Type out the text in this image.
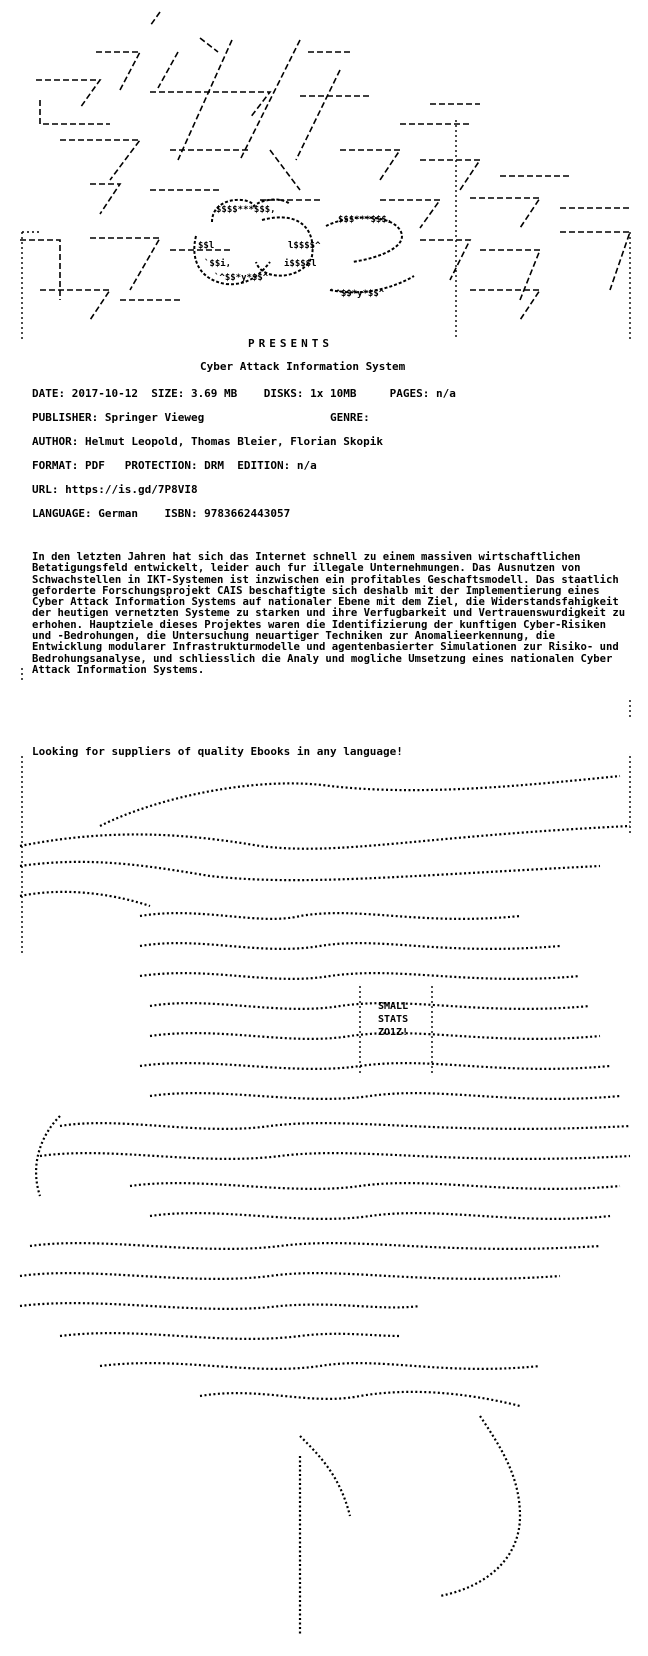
$$$$***$$$,
$$$***$$$,
$$l	l$$$$^
`$$i,	i$$$$l
`^$$*y*$$^
`^$$*y*$$^
PRESENTS
Cyber Attack Information System
DATE: 2017-10-12  SIZE: 3.69 MB    DISKS: 1x 10MB     PAGES: n/a
PUBLISHER: Springer Vieweg                   GENRE:
AUTHOR: Helmut Leopold, Thomas Bleier, Florian Skopik
FORMAT: PDF   PROTECTION: DRM  EDITION: n/a
URL: https://is.gd/7P8VI8
LANGUAGE: German    ISBN: 9783662443057
In den letzten Jahren hat sich das Internet schnell zu einem massiven wirtschaftlichen Betatigungsfeld entwickelt, leider auch fur illegale Unternehmungen. Das Ausnutzen von Schwachstellen in IKT-Systemen ist inzwischen ein profitables Geschaftsmodell. Das staatlich geforderte Forschungsprojekt CAIS beschaftigte sich deshalb mit der Implementierung eines Cyber Attack Information Systems auf nationaler Ebene mit dem Ziel, die Widerstandsfahigkeit der heutigen vernetzten Systeme zu starken und ihre Verfugbarkeit und Vertrauenswurdigkeit zu erhohen. Hauptziele dieses Projektes waren die Identifizierung der kunftigen Cyber-Risiken und -Bedrohungen, die Untersuchung neuartiger Techniken zur Anomalieerkennung, die Entwicklung modularer Infrastrukturmodelle und agentenbasierter Simulationen zur Risiko- und Bedrohungsanalyse, und schliesslich die Analy und mogliche Umsetzung eines nationalen Cyber Attack Information Systems.
Looking for suppliers of quality Ebooks in any language!
SMALL
STATS
ZO1Z!
